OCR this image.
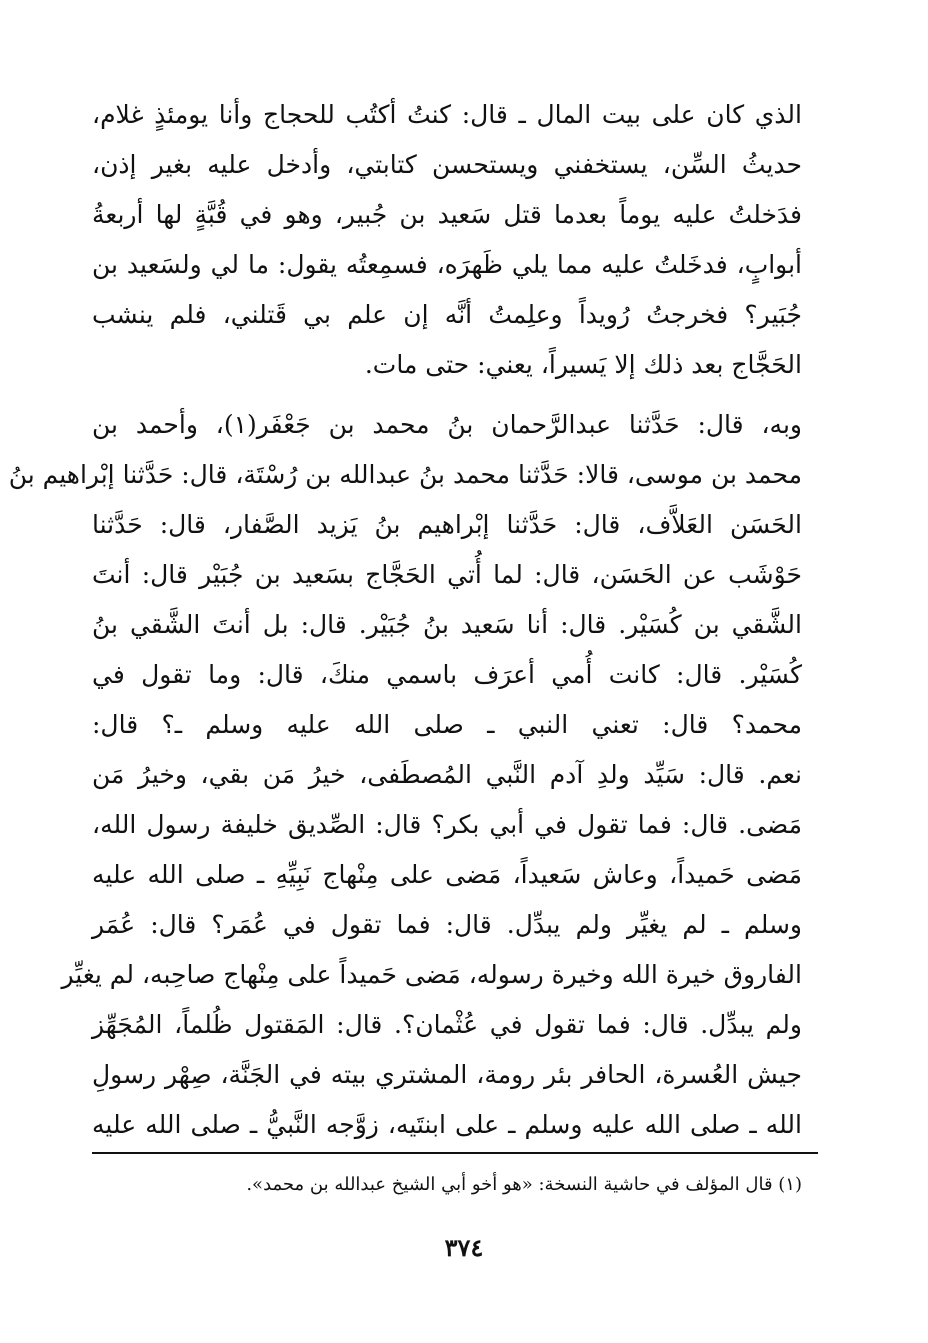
الذي كان على بيت المال ـ قال: كنتُ أكتُب للحجاج وأنا يومئذٍ غلام،
حديثُ السِّن، يستخفني ويستحسن كتابتي، وأدخل عليه بغير إذن،
فدَخلتُ عليه يوماً بعدما قتل سَعيد بن جُبير، وهو في قُبَّةٍ لها أربعةُ
أبوابٍ، فدخَلتُ عليه مما يلي ظَهرَه، فسمِعتُه يقول: ما لي ولسَعيد بن
جُبَير؟ فخرجتُ رُويداً وعلِمتُ أنَّه إن علم بي قَتلني، فلم ينشب
الحَجَّاج بعد ذلك إلا يَسيراً، يعني: حتى مات.
وبه، قال: حَدَّثنا عبدالرَّحمان بنُ محمد بن جَعْفَر(١)، وأحمد بن
محمد بن موسى، قالا: حَدَّثنا محمد بنُ عبدالله بن رُسْتَة، قال: حَدَّثنا إبْراهيم بنُ
الحَسَن العَلاَّف، قال: حَدَّثنا إبْراهيم بنُ يَزيد الصَّفار، قال: حَدَّثنا
حَوْشَب عن الحَسَن، قال: لما أُتي الحَجَّاج بسَعيد بن جُبَيْر قال: أنتَ
الشَّقي بن كُسَيْر. قال: أنا سَعيد بنُ جُبَيْر. قال: بل أنتَ الشَّقي بنُ
كُسَيْر. قال: كانت أُمي أعرَف باسمي منكَ، قال: وما تقول في
محمد؟ قال: تعني النبي ـ صلى الله عليه وسلم ـ؟ قال:
نعم. قال: سَيِّد ولدِ آدم النَّبي المُصطَفى، خيرُ مَن بقي، وخيرُ مَن
مَضى. قال: فما تقول في أبي بكر؟ قال: الصِّديق خليفة رسول الله،
مَضى حَميداً، وعاش سَعيداً، مَضى على مِنْهاج نَبِيِّهِ ـ صلى الله عليه
وسلم ـ لم يغيِّر ولم يبدِّل. قال: فما تقول في عُمَر؟ قال: عُمَر
الفاروق خيرة الله وخيرة رسوله، مَضى حَميداً على مِنْهاج صاحِبه، لم يغيِّر
ولم يبدِّل. قال: فما تقول في عُثْمان؟. قال: المَقتول ظُلماً، المُجَهِّز
جيش العُسرة، الحافر بئر رومة، المشتري بيته في الجَنَّة، صِهْر رسولِ
الله ـ صلى الله عليه وسلم ـ على ابنتَيه، زوَّجه النَّبيُّ ـ صلى الله عليه
(١) قال المؤلف في حاشية النسخة: «هو أخو أبي الشيخ عبدالله بن محمد».
٣٧٤
